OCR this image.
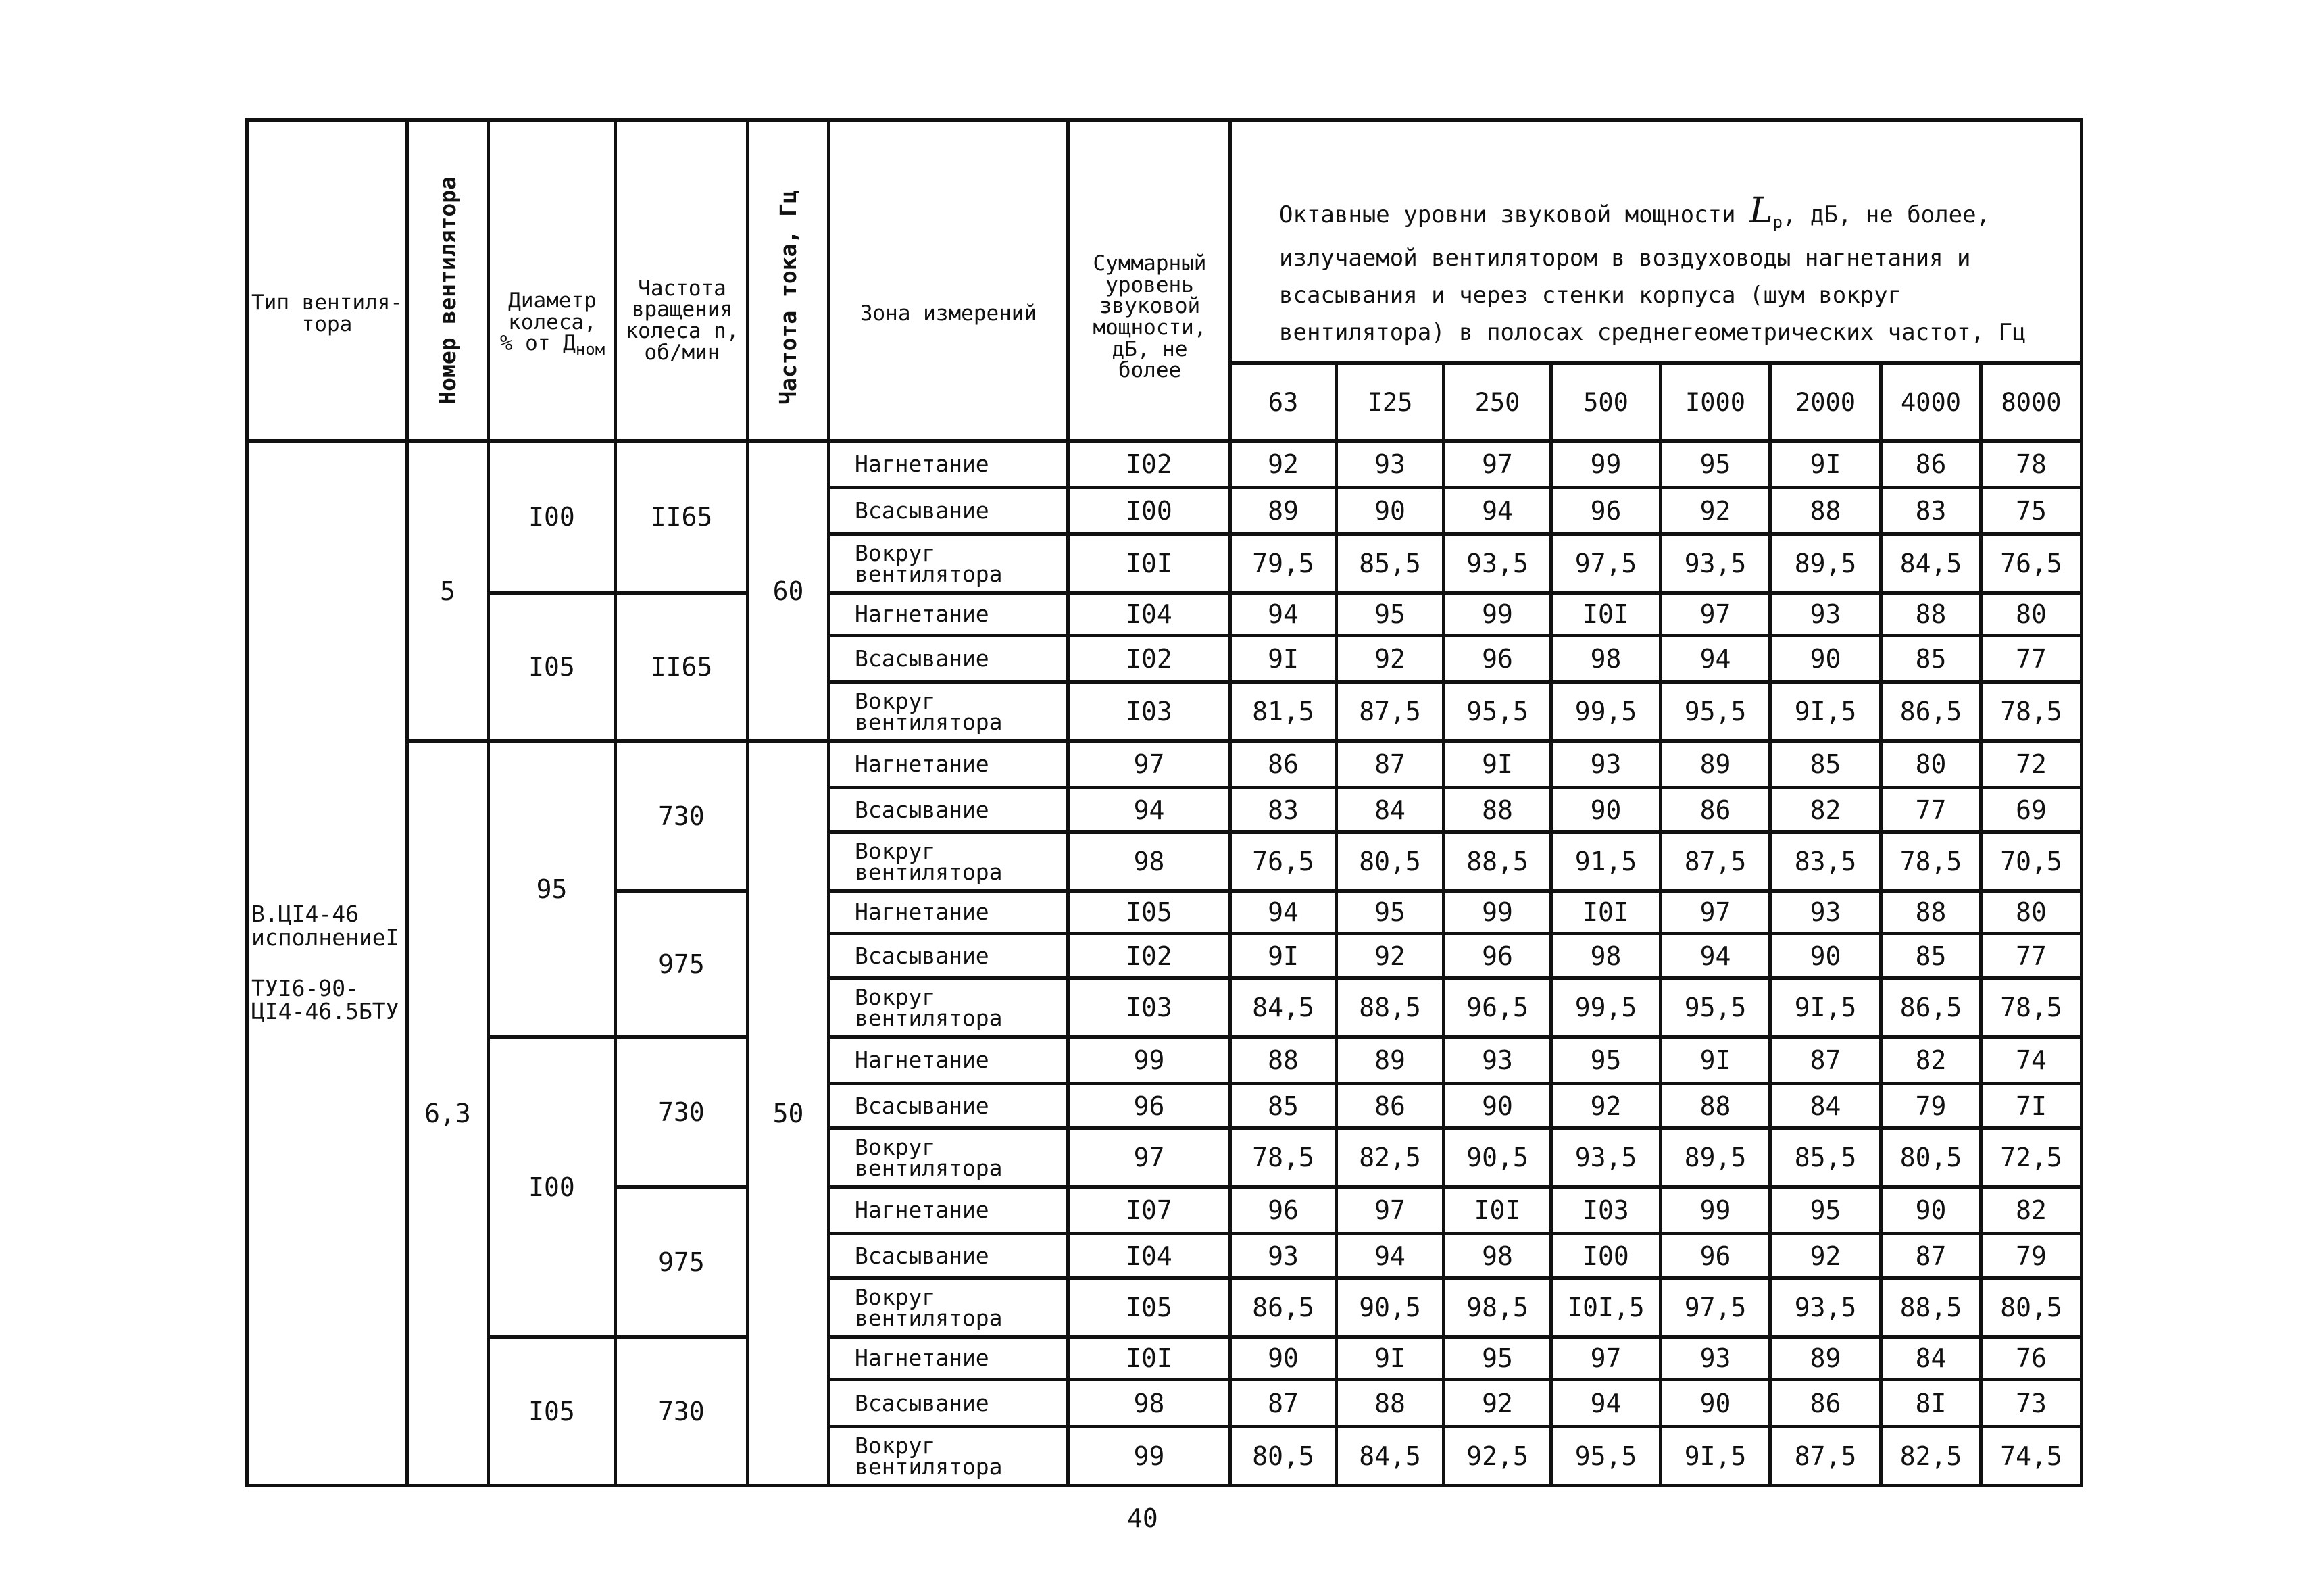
Тип вентиля-тора	Номер вентилятора	Диаметр колеса, % от $Д_{ном}$	Частота вращения колеса n, об/мин	Частота тока, Гц	Зона измерений	Суммарный уровень звуковой мощности, дБ, не более	Октавные уровни звуковой мощности $L_р$, дБ, не более, излучаемой вентилятором в воздуховоды нагнетания и всасывания и через стенки корпуса (шум вокруг вентилятора) в полосах среднегеометрических частот, Гц							
							63	I25	250	500	I000	2000	4000	8000

В.ЦI4-46
исполнениеI
ТУI6-90-
ЦI4-46.5БТУ	5	I00	II65	60	Нагнетание	I02	92	93	97	99	95	9I	86	78
					Всасывание	I00	89	90	94	96	92	88	83	75
					Вокруг вентилятора	I0I	79,5	85,5	93,5	97,5	93,5	89,5	84,5	76,5
		I05	II65		Нагнетание	I04	94	95	99	I0I	97	93	88	80
					Всасывание	I02	9I	92	96	98	94	90	85	77
					Вокруг вентилятора	I03	81,5	87,5	95,5	99,5	95,5	9I,5	86,5	78,5
	6,3	95	730	50	Нагнетание	97	86	87	9I	93	89	85	80	72
					Всасывание	94	83	84	88	90	86	82	77	69
					Вокруг вентилятора	98	76,5	80,5	88,5	91,5	87,5	83,5	78,5	70,5
			975		Нагнетание	I05	94	95	99	I0I	97	93	88	80
					Всасывание	I02	9I	92	96	98	94	90	85	77
					Вокруг вентилятора	I03	84,5	88,5	96,5	99,5	95,5	9I,5	86,5	78,5
		I00	730		Нагнетание	99	88	89	93	95	9I	87	82	74
					Всасывание	96	85	86	90	92	88	84	79	7I
					Вокруг вентилятора	97	78,5	82,5	90,5	93,5	89,5	85,5	80,5	72,5
			975		Нагнетание	I07	96	97	I0I	I03	99	95	90	82
					Всасывание	I04	93	94	98	I00	96	92	87	79
					Вокруг вентилятора	I05	86,5	90,5	98,5	I0I,5	97,5	93,5	88,5	80,5
		I05	730		Нагнетание	I0I	90	9I	95	97	93	89	84	76
					Всасывание	98	87	88	92	94	90	86	8I	73
					Вокруг вентилятора	99	80,5	84,5	92,5	95,5	9I,5	87,5	82,5	74,5
40
